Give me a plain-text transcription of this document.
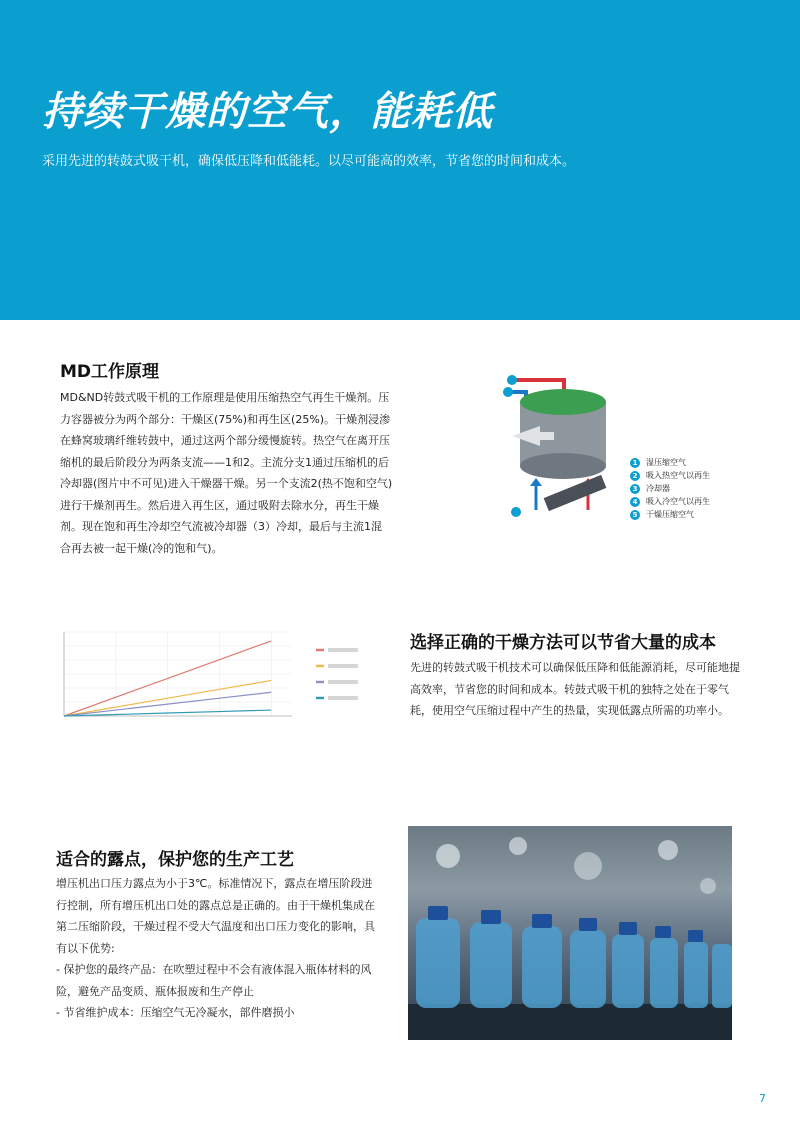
持续干燥的空气，能耗低

采用先进的转鼓式吸干机，确保低压降和低能耗。以尽可能高的效率，节省您的时间和成本。

MD工作原理
MD&ND转鼓式吸干机的工作原理是使用压缩热空气再生干燥剂。压
力容器被分为两个部分：干燥区(75%)和再生区(25%)。干燥剂浸渗
在蜂窝玻璃纤维转鼓中，通过这两个部分缓慢旋转。热空气在离开压
缩机的最后阶段分为两条支流——1和2。主流分支1通过压缩机的后
冷却器(图片中不可见)进入干燥器干燥。另一个支流2(热不饱和空气)
进行干燥剂再生。然后进入再生区，通过吸附去除水分，再生干燥
剂。现在饱和再生冷却空气流被冷却器（3）冷却，最后与主流1混
合再去被一起干燥(冷的饱和气)。
1	湿压缩空气
2	吸入热空气以再生
3	冷却器
4	吸入冷空气以再生
5	干燥压缩空气
选择正确的干燥方法可以节省大量的成本
先进的转鼓式吸干机技术可以确保低压降和低能源消耗，尽可能地提
高效率，节省您的时间和成本。转鼓式吸干机的独特之处在于零气
耗，使用空气压缩过程中产生的热量，实现低露点所需的功率小。
适合的露点，保护您的生产工艺
增压机出口压力露点为小于3℃。标准情况下，露点在增压阶段进
行控制，所有增压机出口处的露点总是正确的。由于干燥机集成在
第二压缩阶段，干燥过程不受大气温度和出口压力变化的影响，具
有以下优势:
- 保护您的最终产品：在吹塑过程中不会有液体混入瓶体材料的风
险，避免产品变质、瓶体报废和生产停止
- 节省维护成本：压缩空气无冷凝水，部件磨损小

7
